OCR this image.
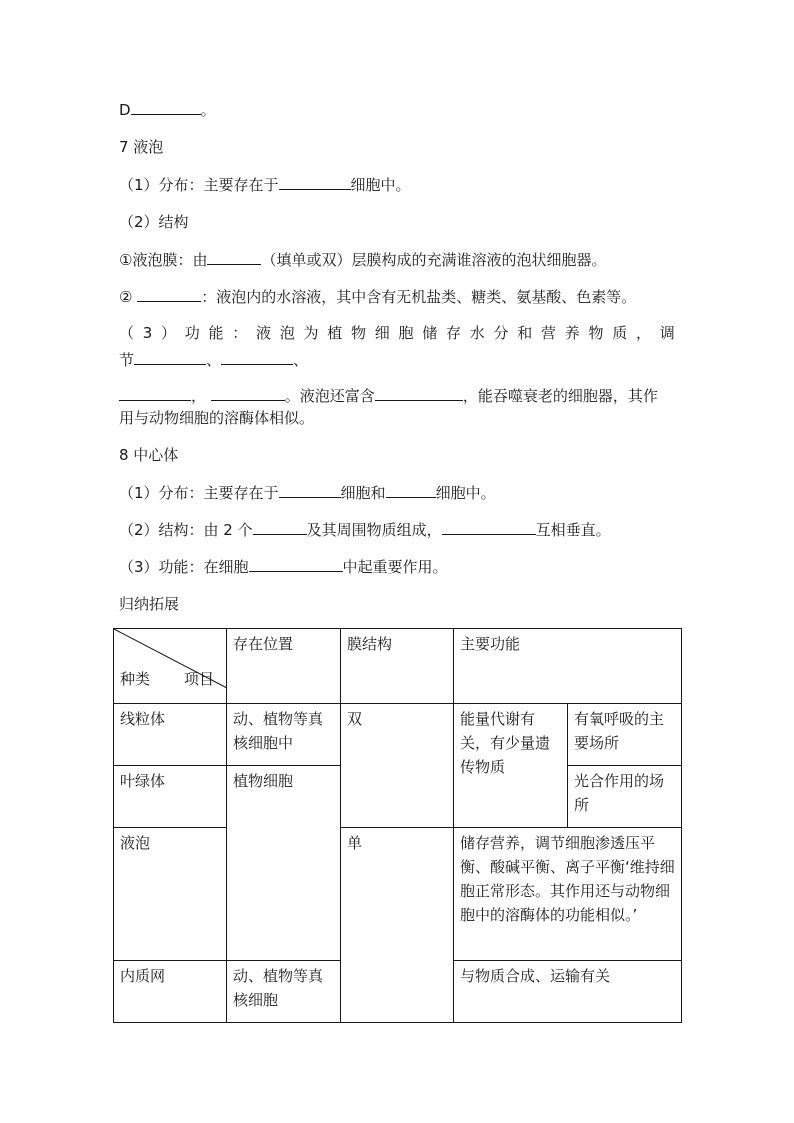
D	。
7 液泡
（1）分布：主要存在于	细胞中。
（2）结构
①液泡膜：由	（填单或双）层膜构成的充满谁溶液的泡状细胞器。
②	：液泡内的水溶液，其中含有无机盐类、糖类、氨基酸、色素等。
（ 3 ） 功 能 ： 液 泡 为 植 物 细 胞 储 存 水 分 和 营 养 物 质 ， 调
节	、	、
，	。液泡还富含	，能吞噬衰老的细胞器，其作
用与动物细胞的溶酶体相似。
8 中心体
（1）分布：主要存在于	细胞和	细胞中。
（2）结构：由 2 个	及其周围物质组成，	互相垂直。
（3）功能：在细胞	中起重要作用。
归纳拓展
种类 项目	存在位置	膜结构	主要功能	
线粒体	动、植物等真核细胞中	双	能量代谢有关，有少量遗传物质	有氧呼吸的主要场所
叶绿体	植物细胞			光合作用的场所
液泡		单	储存营养，调节细胞渗透压平衡、酸碱平衡、离子平衡‘维持细胞正常形态。其作用还与动物细胞中的溶酶体的功能相似。’	
内质网	动、植物等真核细胞		与物质合成、运输有关	
